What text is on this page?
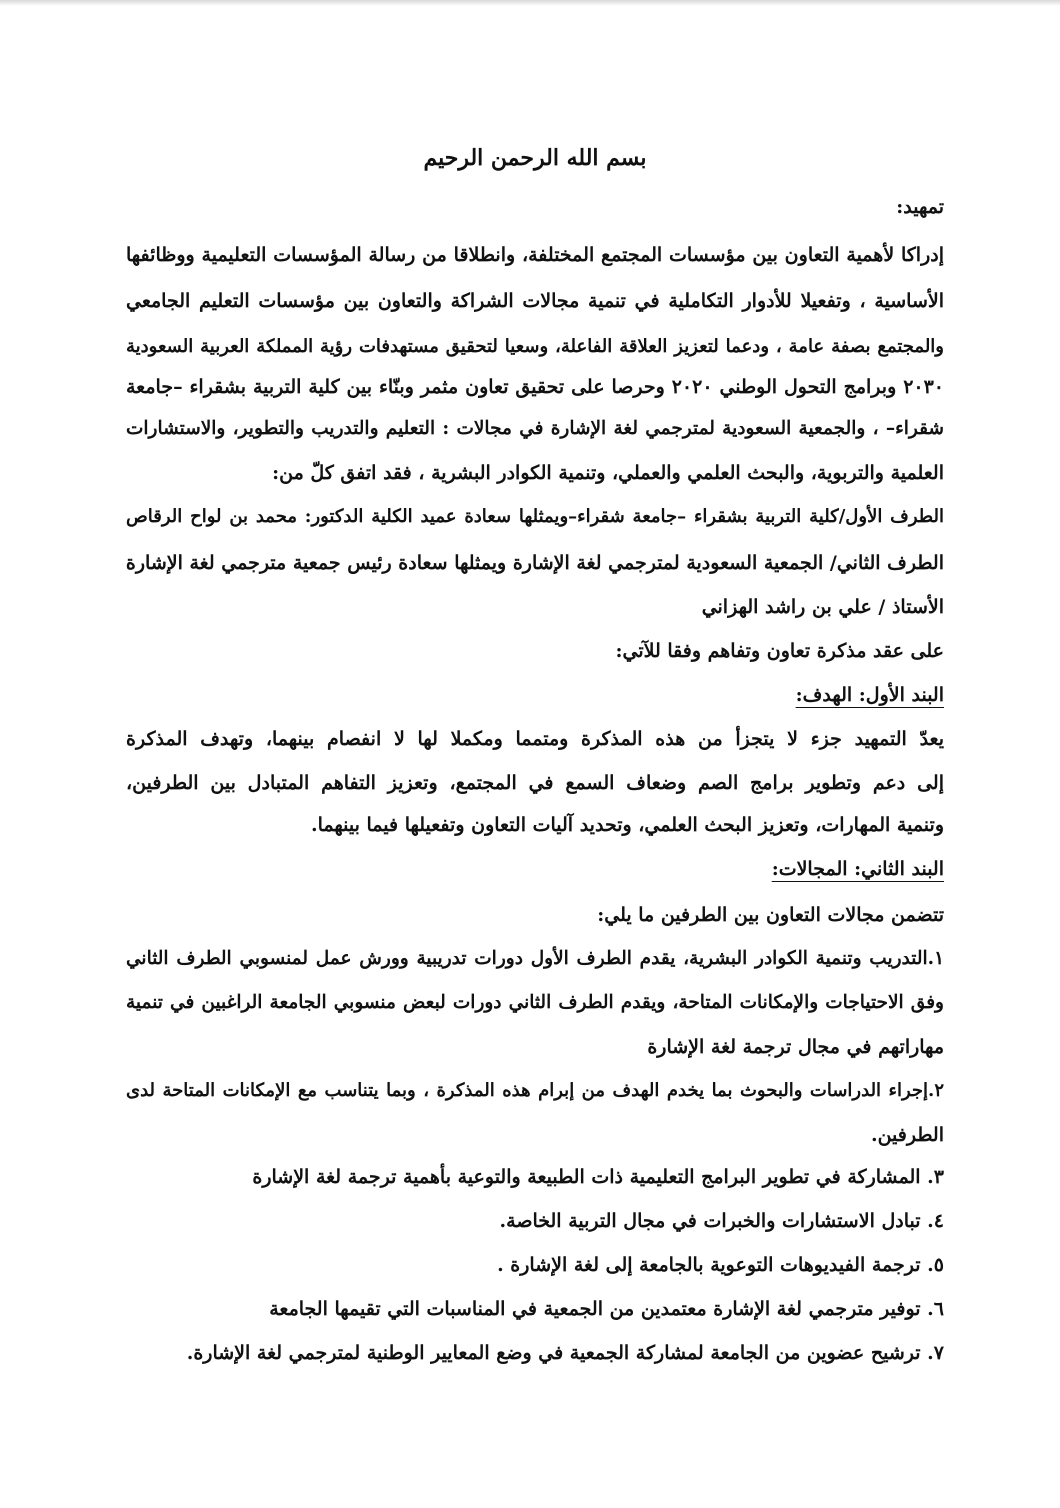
بسم الله الرحمن الرحيم
تمهيد:
إدراكا لأهمية التعاون بين مؤسسات المجتمع المختلفة، وانطلاقا من رسالة المؤسسات التعليمية ووظائفها
الأساسية ، وتفعيلا للأدوار التكاملية في تنمية مجالات الشراكة والتعاون بين مؤسسات التعليم الجامعي
والمجتمع بصفة عامة ، ودعما لتعزيز العلاقة الفاعلة، وسعيا لتحقيق مستهدفات رؤية المملكة العربية السعودية
٢٠٣٠ وبرامج التحول الوطني ٢٠٢٠ وحرصا على تحقيق تعاون مثمر وبنّاء بين كلية التربية بشقراء –جامعة
شقراء– ، والجمعية السعودية لمترجمي لغة الإشارة في مجالات : التعليم والتدريب والتطوير، والاستشارات
العلمية والتربوية، والبحث العلمي والعملي، وتنمية الكوادر البشرية ، فقد اتفق كلّ من:
الطرف الأول/كلية التربية بشقراء –جامعة شقراء–ويمثلها سعادة عميد الكلية الدكتور: محمد بن لواح الرقاص
الطرف الثاني/ الجمعية السعودية لمترجمي لغة الإشارة ويمثلها سعادة رئيس جمعية مترجمي لغة الإشارة
الأستاذ / علي بن راشد الهزاني
على عقد مذكرة تعاون وتفاهم وفقا للآتي:
البند الأول: الهدف:
يعدّ التمهيد جزء لا يتجزأ من هذه المذكرة ومتمما ومكملا لها لا انفصام بينهما، وتهدف المذكرة
إلى دعم وتطوير برامج الصم وضعاف السمع في المجتمع، وتعزيز التفاهم المتبادل بين الطرفين،
وتنمية المهارات، وتعزيز البحث العلمي، وتحديد آليات التعاون وتفعيلها فيما بينهما.
البند الثاني: المجالات:
تتضمن مجالات التعاون بين الطرفين ما يلي:
١.التدريب وتنمية الكوادر البشرية، يقدم الطرف الأول دورات تدريبية وورش عمل لمنسوبي الطرف الثاني
وفق الاحتياجات والإمكانات المتاحة، ويقدم الطرف الثاني دورات لبعض منسوبي الجامعة الراغبين في تنمية
مهاراتهم في مجال ترجمة لغة الإشارة
٢.إجراء الدراسات والبحوث بما يخدم الهدف من إبرام هذه المذكرة ، وبما يتناسب مع الإمكانات المتاحة لدى
الطرفين.
٣. المشاركة في تطوير البرامج التعليمية ذات الطبيعة والتوعية بأهمية ترجمة لغة الإشارة
٤. تبادل الاستشارات والخبرات في مجال التربية الخاصة.
٥. ترجمة الفيديوهات التوعوية بالجامعة إلى لغة الإشارة .
٦. توفير مترجمي لغة الإشارة معتمدين من الجمعية في المناسبات التي تقيمها الجامعة
٧. ترشيح عضوين من الجامعة لمشاركة الجمعية في وضع المعايير الوطنية لمترجمي لغة الإشارة.
